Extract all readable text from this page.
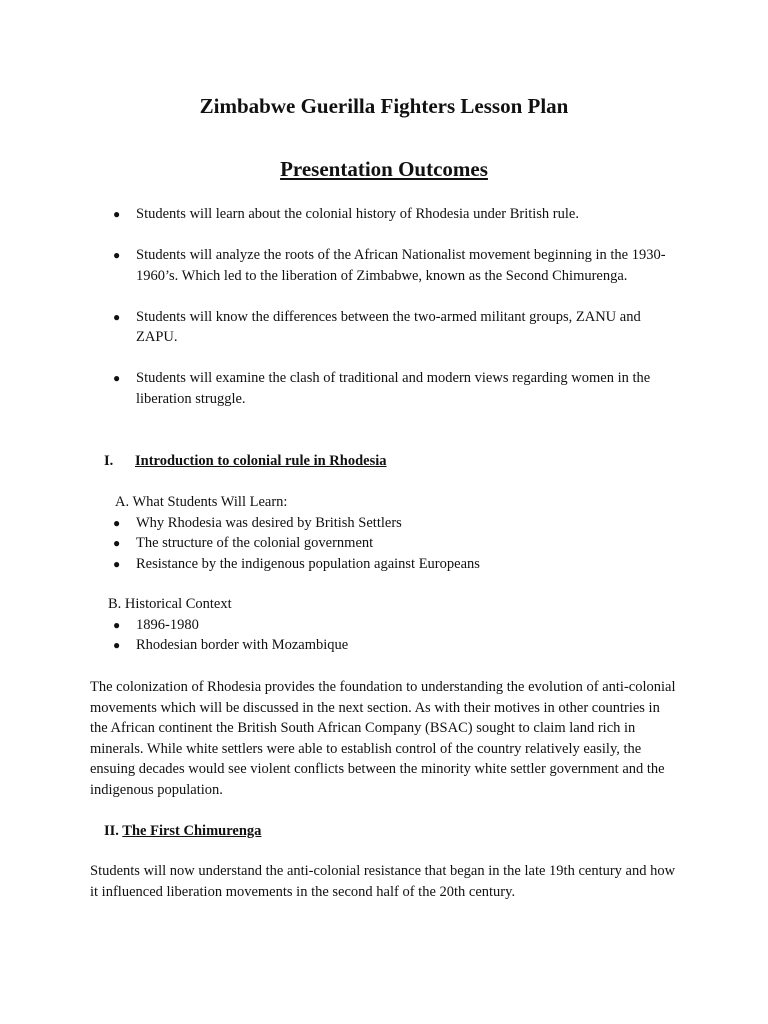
Zimbabwe Guerilla Fighters Lesson Plan
Presentation Outcomes
● Students will learn about the colonial history of Rhodesia under British rule.
● Students will analyze the roots of the African Nationalist movement beginning in the 1930-1960’s. Which led to the liberation of Zimbabwe, known as the Second Chimurenga.
● Students will know the differences between the two-armed militant groups, ZANU and ZAPU.
● Students will examine the clash of traditional and modern views regarding women in the liberation struggle.
I. Introduction to colonial rule in Rhodesia
A. What Students Will Learn:
● Why Rhodesia was desired by British Settlers
● The structure of the colonial government
● Resistance by the indigenous population against Europeans
B. Historical Context
● 1896-1980
● Rhodesian border with Mozambique

The colonization of Rhodesia provides the foundation to understanding the evolution of anti-colonial movements which will be discussed in the next section. As with their motives in other countries in the African continent the British South African Company (BSAC) sought to claim land rich in minerals. While white settlers were able to establish control of the country relatively easily, the ensuing decades would see violent conflicts between the minority white settler government and the indigenous population.

II. The First Chimurenga

Students will now understand the anti-colonial resistance that began in the late 19th century and how it influenced liberation movements in the second half of the 20th century.
